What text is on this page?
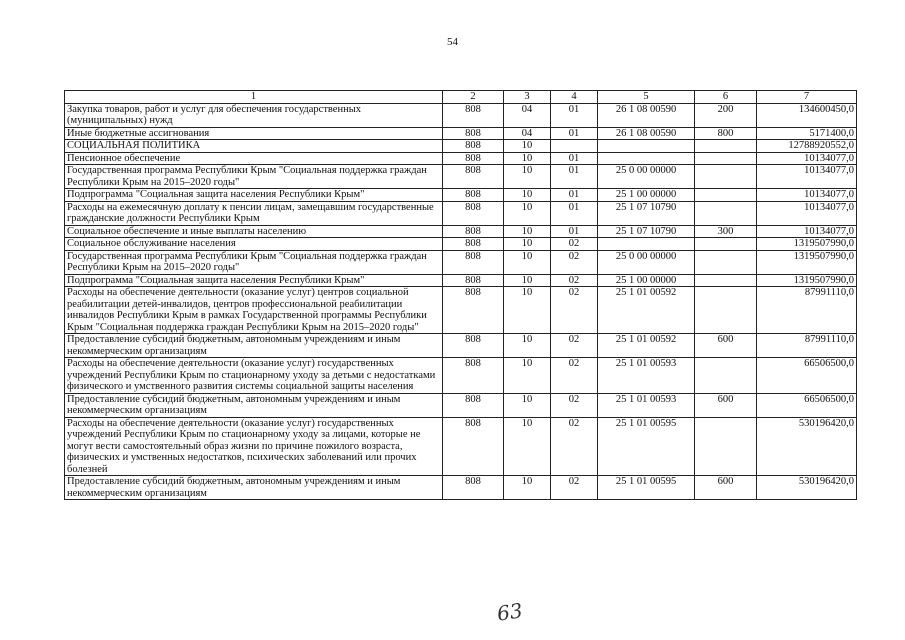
54
1	2	3	4	5	6	7
Закупка товаров, работ и услуг для обеспечения государственных (муниципальных) нужд	808	04	01	26 1 08 00590	200	134600450,0
Иные бюджетные ассигнования	808	04	01	26 1 08 00590	800	5171400,0
СОЦИАЛЬНАЯ ПОЛИТИКА	808	10				12788920552,0
Пенсионное обеспечение	808	10	01			10134077,0
Государственная программа Республики Крым "Социальная поддержка граждан Республики Крым на 2015–2020 годы"	808	10	01	25 0 00 00000		10134077,0
Подпрограмма "Социальная защита населения Республики Крым"	808	10	01	25 1 00 00000		10134077,0
Расходы на ежемесячную доплату к пенсии лицам, замещавшим государственные гражданские должности Республики Крым	808	10	01	25 1 07 10790		10134077,0
Социальное обеспечение и иные выплаты населению	808	10	01	25 1 07 10790	300	10134077,0
Социальное обслуживание населения	808	10	02			1319507990,0
Государственная программа Республики Крым "Социальная поддержка граждан Республики Крым на 2015–2020 годы"	808	10	02	25 0 00 00000		1319507990,0
Подпрограмма "Социальная защита населения Республики Крым"	808	10	02	25 1 00 00000		1319507990,0
Расходы на обеспечение деятельности (оказание услуг) центров социальной реабилитации детей-инвалидов, центров профессиональной реабилитации инвалидов Республики Крым в рамках Государственной программы Республики Крым "Социальная поддержка граждан Республики Крым на 2015–2020 годы"	808	10	02	25 1 01 00592		87991110,0
Предоставление субсидий бюджетным, автономным учреждениям и иным некоммерческим организациям	808	10	02	25 1 01 00592	600	87991110,0
Расходы на обеспечение деятельности (оказание услуг) государственных учреждений Республики Крым по стационарному уходу за детьми с недостатками физического и умственного развития системы социальной защиты населения	808	10	02	25 1 01 00593		66506500,0
Предоставление субсидий бюджетным, автономным учреждениям и иным некоммерческим организациям	808	10	02	25 1 01 00593	600	66506500,0
Расходы на обеспечение деятельности (оказание услуг) государственных учреждений Республики Крым по стационарному уходу за лицами, которые не могут вести самостоятельный образ жизни по причине пожилого возраста, физических и умственных недостатков, психических заболеваний или прочих болезней	808	10	02	25 1 01 00595		530196420,0
Предоставление субсидий бюджетным, автономным учреждениям и иным некоммерческим организациям	808	10	02	25 1 01 00595	600	530196420,0
63
